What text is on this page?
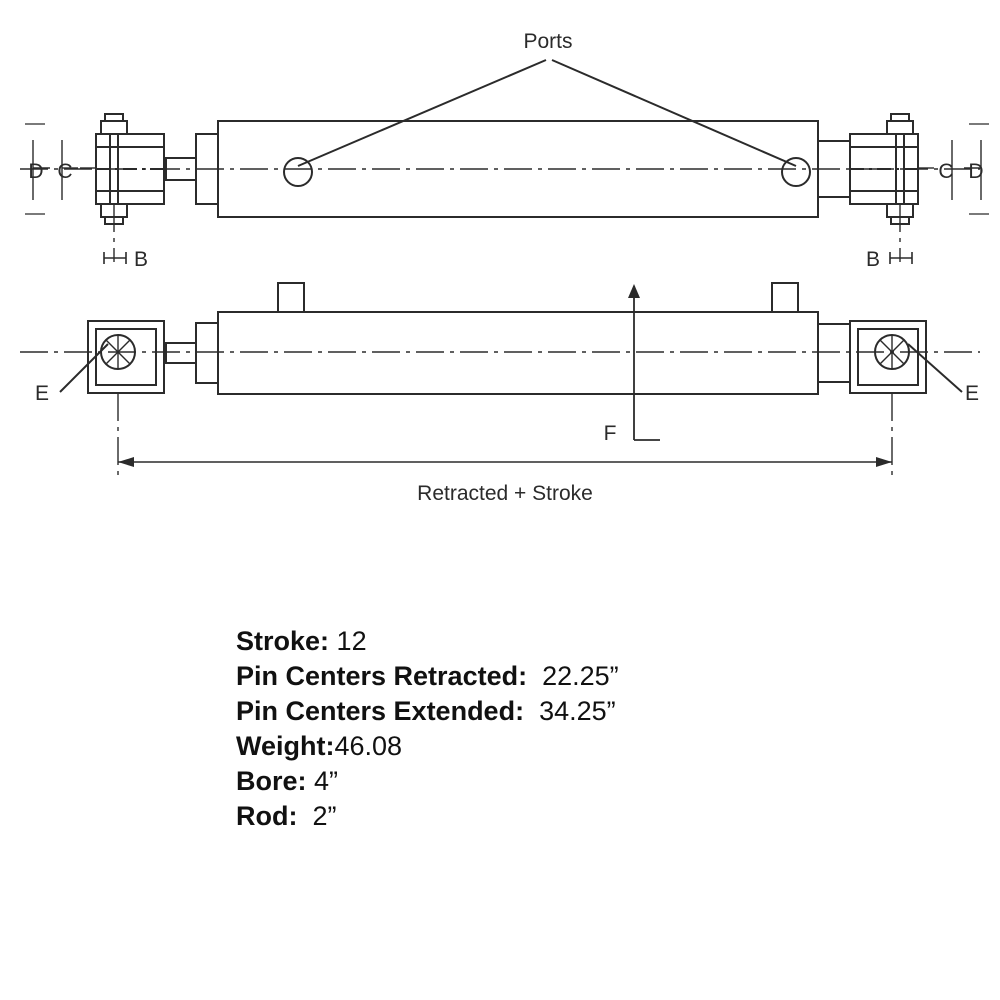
Ports
D C	C D
B	B
E	E
F
Retracted + Stroke
Stroke: 12
Pin Centers Retracted: 22.25”
Pin Centers Extended: 34.25”
Weight:46.08
Bore: 4”
Rod: 2”
